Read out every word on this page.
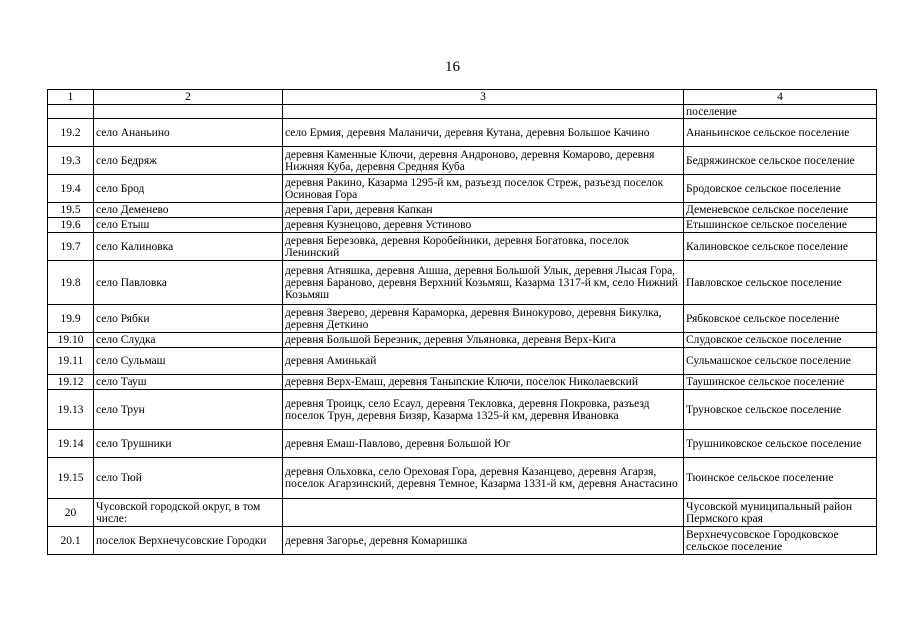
16
1	2	3	4
			поселение
19.2	село Ананьино	село Ермия, деревня Маланичи, деревня Кутана, деревня Большое Качино	Ананьинское сельское поселение
19.3	село Бедряж	деревня Каменные Ключи, деревня Андроново, деревня Комарово, деревня Нижняя Куба, деревня Средняя Куба	Бедряжинское сельское поселение
19.4	село Брод	деревня Ракино, Казарма 1295-й км, разъезд поселок Стреж, разъезд поселок Осиновая Гора	Бродовское сельское поселение
19.5	село Деменево	деревня Гари, деревня Капкан	Деменевское сельское поселение
19.6	село Етыш	деревня Кузнецово, деревня Устиново	Етышинское сельское поселение
19.7	село Калиновка	деревня Березовка, деревня Коробейники, деревня Богатовка, поселок Ленинский	Калиновское сельское поселение
19.8	село Павловка	деревня Атняшка, деревня Ашша, деревня Большой Улык, деревня Лысая Гора, деревня Бараново, деревня Верхний Козьмяш, Казарма 1317-й км, село Нижний Козьмяш	Павловское сельское поселение
19.9	село Рябки	деревня Зверево, деревня Караморка, деревня Винокурово, деревня Бикулка, деревня Деткино	Рябковское сельское поселение
19.10	село Слудка	деревня Большой Березник, деревня Ульяновка, деревня Верх-Кига	Слудовское сельское поселение
19.11	село Сульмаш	деревня Аминькай	Сульмашское сельское поселение
19.12	село Тауш	деревня Верх-Емаш, деревня Таныпские Ключи, поселок Николаевский	Таушинское сельское поселение
19.13	село Трун	деревня Троицк, село Есаул, деревня Текловка, деревня Покровка, разъезд поселок Трун, деревня Бизяр, Казарма 1325-й км, деревня Ивановка	Труновское сельское поселение
19.14	село Трушники	деревня Емаш-Павлово, деревня Большой Юг	Трушниковское сельское поселение
19.15	село Тюй	деревня Ольховка, село Ореховая Гора, деревня Казанцево, деревня Агарзя, поселок Агарзинский, деревня Темное, Казарма 1331-й км, деревня Анастасино	Тюинское сельское поселение
20	Чусовской городской округ, в том числе:		Чусовской муниципальный район Пермского края
20.1	поселок Верхнечусовские Городки	деревня Загорье, деревня Комаришка	Верхнечусовское Городковское сельское поселение
